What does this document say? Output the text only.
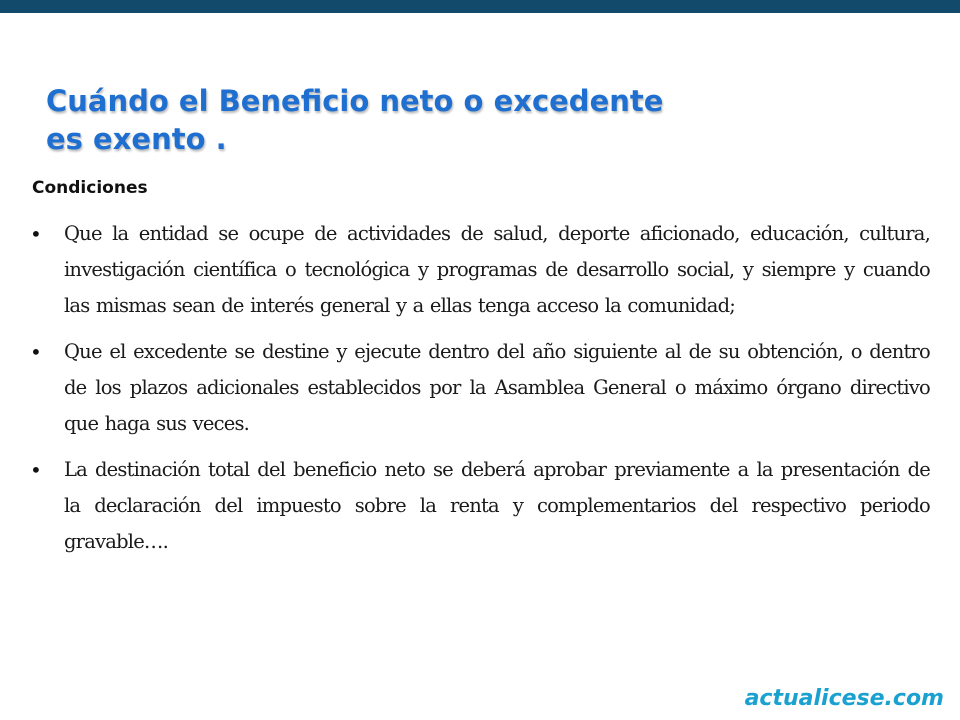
Cuándo el Beneficio neto o excedente
es exento .
Condiciones
• Que la entidad se ocupe de actividades de salud, deporte aficionado, educación, cultura, investigación científica o tecnológica y programas de desarrollo social, y siempre y cuando las mismas sean de interés general y a ellas tenga acceso la comunidad;
• Que el excedente se destine y ejecute dentro del año siguiente al de su obtención, o dentro de los plazos adicionales establecidos por la Asamblea General o máximo órgano directivo que haga sus veces.
• La destinación total del beneficio neto se deberá aprobar previamente a la presentación de la declaración del impuesto sobre la renta y complementarios del respectivo periodo gravable….
actualicese.com
